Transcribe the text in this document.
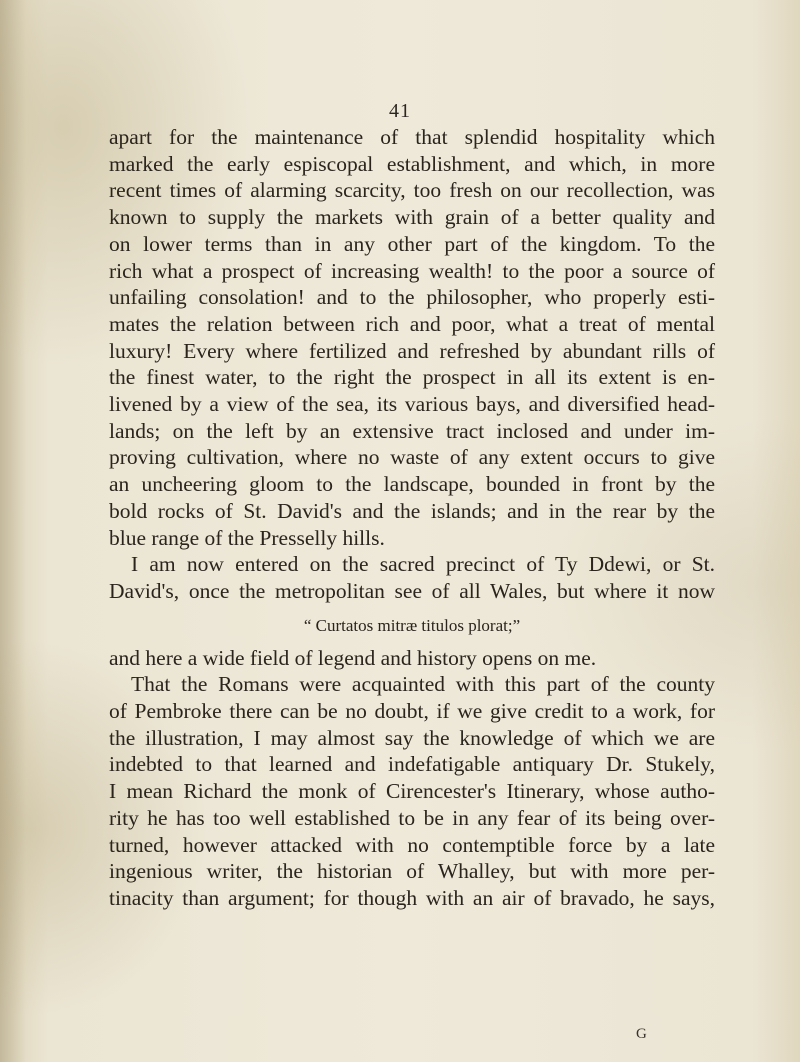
41
apart for the maintenance of that splendid hospitality which
marked the early espiscopal establishment, and which, in more
recent times of alarming scarcity, too fresh on our recollection, was
known to supply the markets with grain of a better quality and
on lower terms than in any other part of the kingdom. To the
rich what a prospect of increasing wealth! to the poor a source of
unfailing consolation! and to the philosopher, who properly esti-
mates the relation between rich and poor, what a treat of mental
luxury! Every where fertilized and refreshed by abundant rills of
the finest water, to the right the prospect in all its extent is en-
livened by a view of the sea, its various bays, and diversified head-
lands; on the left by an extensive tract inclosed and under im-
proving cultivation, where no waste of any extent occurs to give
an uncheering gloom to the landscape, bounded in front by the
bold rocks of St. David's and the islands; and in the rear by the
blue range of the Presselly hills.
I am now entered on the sacred precinct of Ty Ddewi, or St.
David's, once the metropolitan see of all Wales, but where it now
“ Curtatos mitræ titulos plorat;”
and here a wide field of legend and history opens on me.
That the Romans were acquainted with this part of the county
of Pembroke there can be no doubt, if we give credit to a work, for
the illustration, I may almost say the knowledge of which we are
indebted to that learned and indefatigable antiquary Dr. Stukely,
I mean Richard the monk of Cirencester's Itinerary, whose autho-
rity he has too well established to be in any fear of its being over-
turned, however attacked with no contemptible force by a late
ingenious writer, the historian of Whalley, but with more per-
tinacity than argument; for though with an air of bravado, he says,
G
